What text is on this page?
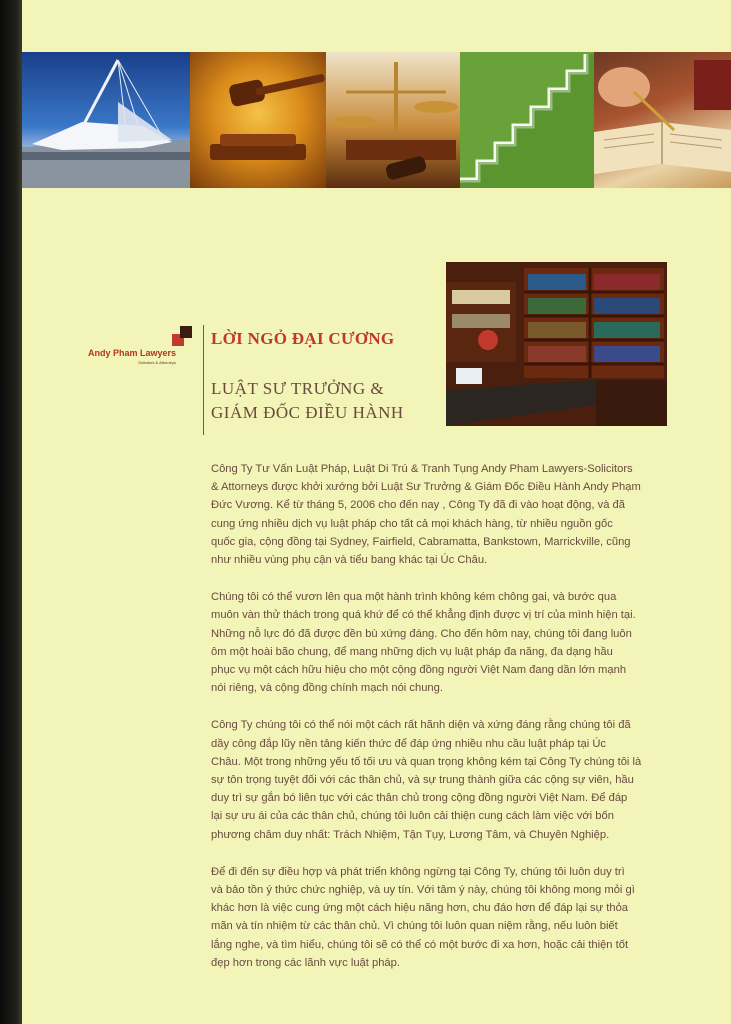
Andy Pham Lawyers
Solicitors & Attorneys
LỜI NGỎ ĐẠI CƯƠNG
LUẬT SƯ TRƯỞNG &
GIÁM ĐỐC ĐIỀU HÀNH

Công Ty Tư Vấn Luật Pháp, Luật Di Trú & Tranh Tụng Andy Pham Lawyers-Solicitors
& Attorneys được khởi xướng bởi Luật Sư Trưởng & Giám Đốc Điều Hành Andy Phạm
Đức Vương. Kể từ tháng 5, 2006 cho đến nay , Công Ty đã đi vào hoạt động, và đã
cung ứng nhiều dịch vụ luật pháp cho tất cả mọi khách hàng, từ nhiều nguồn gốc
quốc gia, cộng đồng tại Sydney, Fairfield, Cabramatta, Bankstown, Marrickville, cũng
như nhiều vùng phụ cận và tiểu bang khác tại Úc Châu.

Chúng tôi có thể vươn lên qua một hành trình không kém chông gai, và bước qua
muôn vàn thử thách trong quá khứ để có thể khẳng định được vị trí của mình hiện tại.
Những nỗ lực đó đã được đền bù xứng đáng. Cho đến hôm nay, chúng tôi đang luôn
ôm một hoài bão chung, để mang những dịch vụ luật pháp đa năng, đa dạng hầu
phục vụ một cách hữu hiệu cho một cộng đồng người Việt Nam đang dần lớn mạnh
nói riêng, và cộng đồng chính mạch nói chung.

Công Ty chúng tôi có thể nói một cách rất hãnh diện và xứng đáng rằng chúng tôi đã
dầy công đắp lũy nền tảng kiến thức để đáp ứng nhiều nhu cầu luật pháp tại Úc
Châu. Một trong những yếu tố tối ưu và quan trọng không kém tại Công Ty chúng tôi là
sự tôn trọng tuyệt đối với các thân chủ, và sự trung thành giữa các cộng sự viên, hầu
duy trì sự gắn bó liên tục với các thân chủ trong cộng đồng người Việt Nam. Để đáp
lại sự ưu ái của các thân chủ, chúng tôi luôn cải thiện cung cách làm việc với bốn
phương châm duy nhất: Trách Nhiệm, Tận Tụy, Lương Tâm, và Chuyên Nghiệp.

Để đi đến sự điều hợp và phát triển không ngừng tại Công Ty, chúng tôi luôn duy trì
và bảo tồn ý thức chức nghiệp, và uy tín. Với tâm ý này, chúng tôi không mong mỏi gì
khác hơn là việc cung ứng một cách hiệu năng hơn, chu đáo hơn để đáp lại sự thỏa
mãn và tín nhiệm từ các thân chủ. Vì chúng tôi luôn quan niệm rằng, nếu luôn biết
lắng nghe, và tìm hiểu, chúng tôi sẽ có thể có một bước đi xa hơn, hoặc cải thiện tốt
đẹp hơn trong các lãnh vực luật pháp.
